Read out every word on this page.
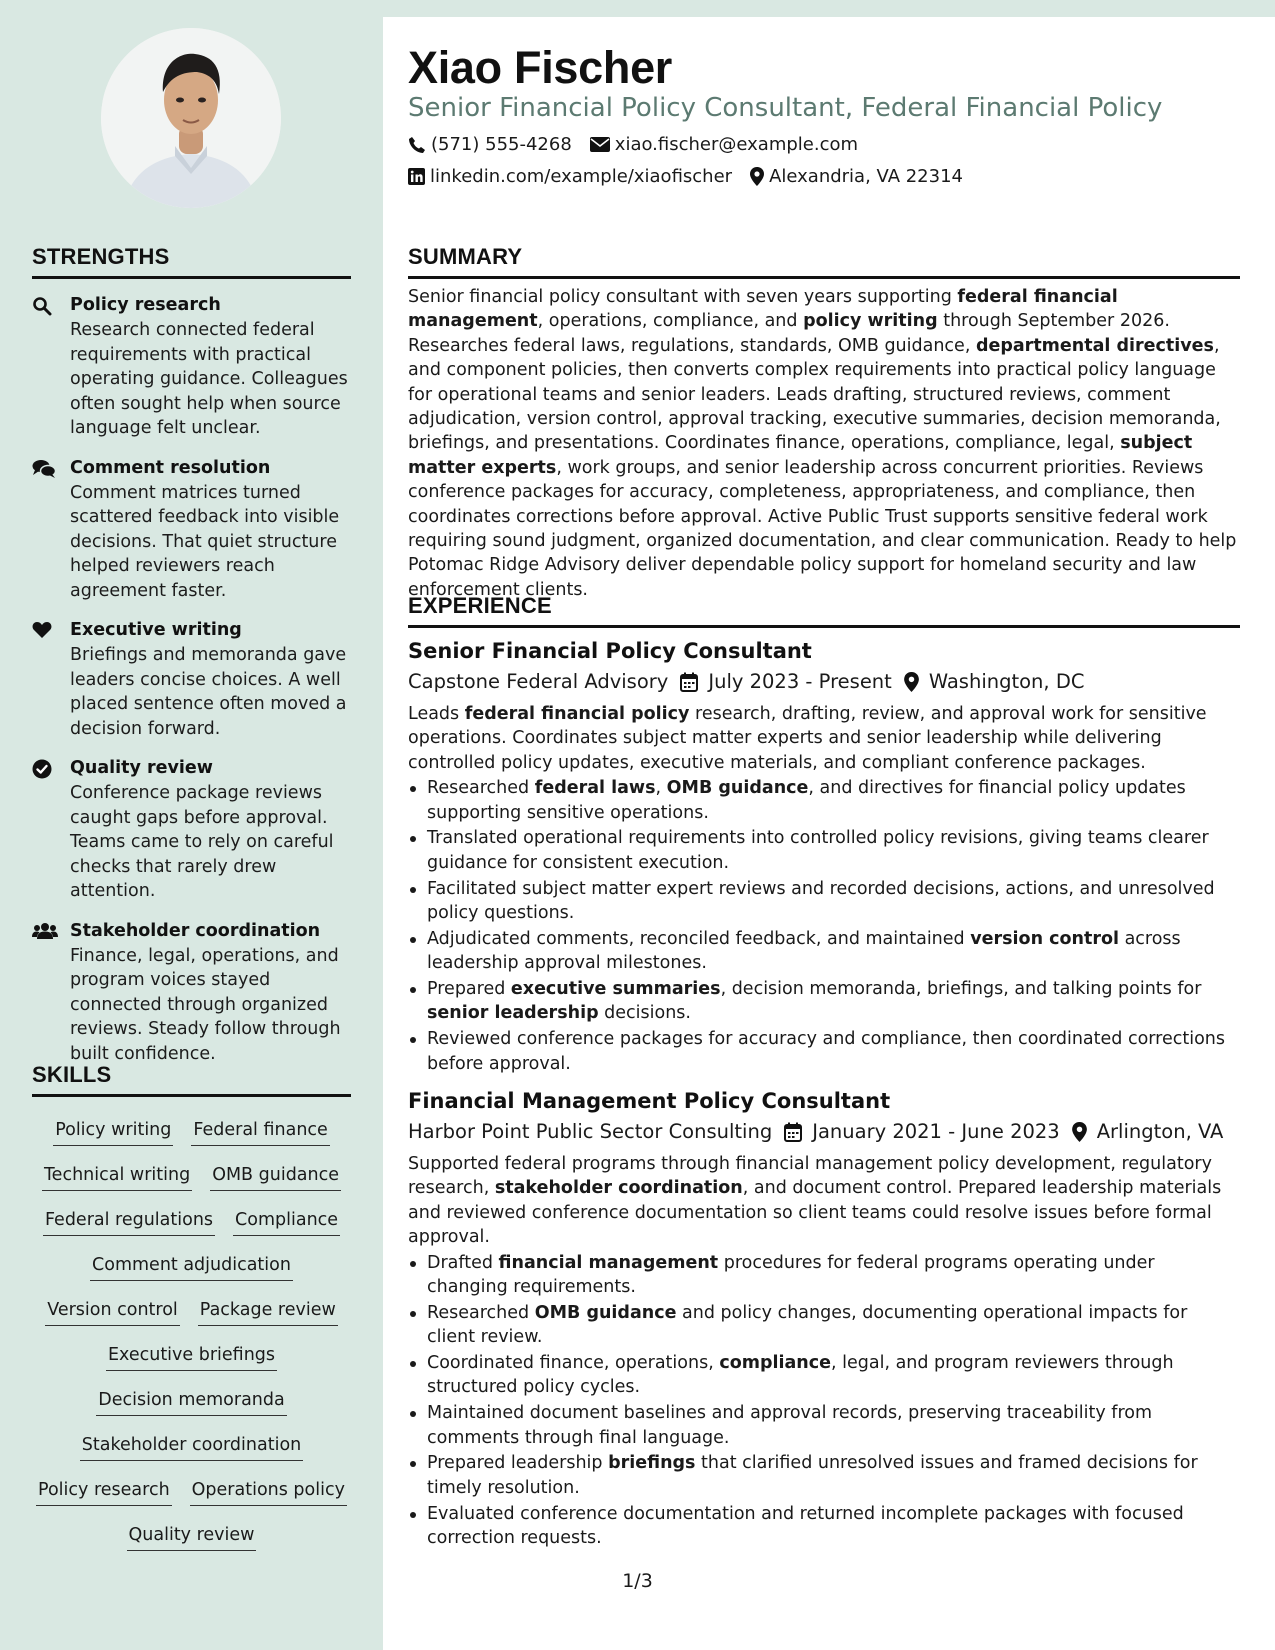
STRENGTHS
Policy research
Research connected federal requirements with practical operating guidance. Colleagues often sought help when source language felt unclear.
Comment resolution
Comment matrices turned scattered feedback into visible decisions. That quiet structure helped reviewers reach agreement faster.
Executive writing
Briefings and memoranda gave leaders concise choices. A well placed sentence often moved a decision forward.
Quality review
Conference package reviews caught gaps before approval. Teams came to rely on careful checks that rarely drew attention.
Stakeholder coordination
Finance, legal, operations, and program voices stayed connected through organized reviews. Steady follow through built confidence.
SKILLS
Policy writing Federal finance
Technical writing OMB guidance
Federal regulations Compliance
Comment adjudication
Version control Package review
Executive briefings
Decision memoranda
Stakeholder coordination
Policy research Operations policy
Quality review
Xiao Fischer
Senior Financial Policy Consultant, Federal Financial Policy
(571) 555-4268 xiao.fischer@example.com
linkedin.com/example/xiaofischer Alexandria, VA 22314
SUMMARY
Senior financial policy consultant with seven years supporting federal financial management, operations, compliance, and policy writing through September 2026. Researches federal laws, regulations, standards, OMB guidance, departmental directives, and component policies, then converts complex requirements into practical policy language for operational teams and senior leaders. Leads drafting, structured reviews, comment adjudication, version control, approval tracking, executive summaries, decision memoranda, briefings, and presentations. Coordinates finance, operations, compliance, legal, subject matter experts, work groups, and senior leadership across concurrent priorities. Reviews conference packages for accuracy, completeness, appropriateness, and compliance, then coordinates corrections before approval. Active Public Trust supports sensitive federal work requiring sound judgment, organized documentation, and clear communication. Ready to help Potomac Ridge Advisory deliver dependable policy support for homeland security and law enforcement clients.
EXPERIENCE
Senior Financial Policy Consultant
Capstone Federal Advisory July 2023 - Present Washington, DC
Leads federal financial policy research, drafting, review, and approval work for sensitive operations. Coordinates subject matter experts and senior leadership while delivering controlled policy updates, executive materials, and compliant conference packages.
Researched federal laws, OMB guidance, and directives for financial policy updates supporting sensitive operations.
Translated operational requirements into controlled policy revisions, giving teams clearer guidance for consistent execution.
Facilitated subject matter expert reviews and recorded decisions, actions, and unresolved policy questions.
Adjudicated comments, reconciled feedback, and maintained version control across leadership approval milestones.
Prepared executive summaries, decision memoranda, briefings, and talking points for senior leadership decisions.
Reviewed conference packages for accuracy and compliance, then coordinated corrections before approval.
Financial Management Policy Consultant
Harbor Point Public Sector Consulting January 2021 - June 2023 Arlington, VA
Supported federal programs through financial management policy development, regulatory research, stakeholder coordination, and document control. Prepared leadership materials and reviewed conference documentation so client teams could resolve issues before formal approval.
Drafted financial management procedures for federal programs operating under changing requirements.
Researched OMB guidance and policy changes, documenting operational impacts for client review.
Coordinated finance, operations, compliance, legal, and program reviewers through structured policy cycles.
Maintained document baselines and approval records, preserving traceability from comments through final language.
Prepared leadership briefings that clarified unresolved issues and framed decisions for timely resolution.
Evaluated conference documentation and returned incomplete packages with focused correction requests.
1/3
